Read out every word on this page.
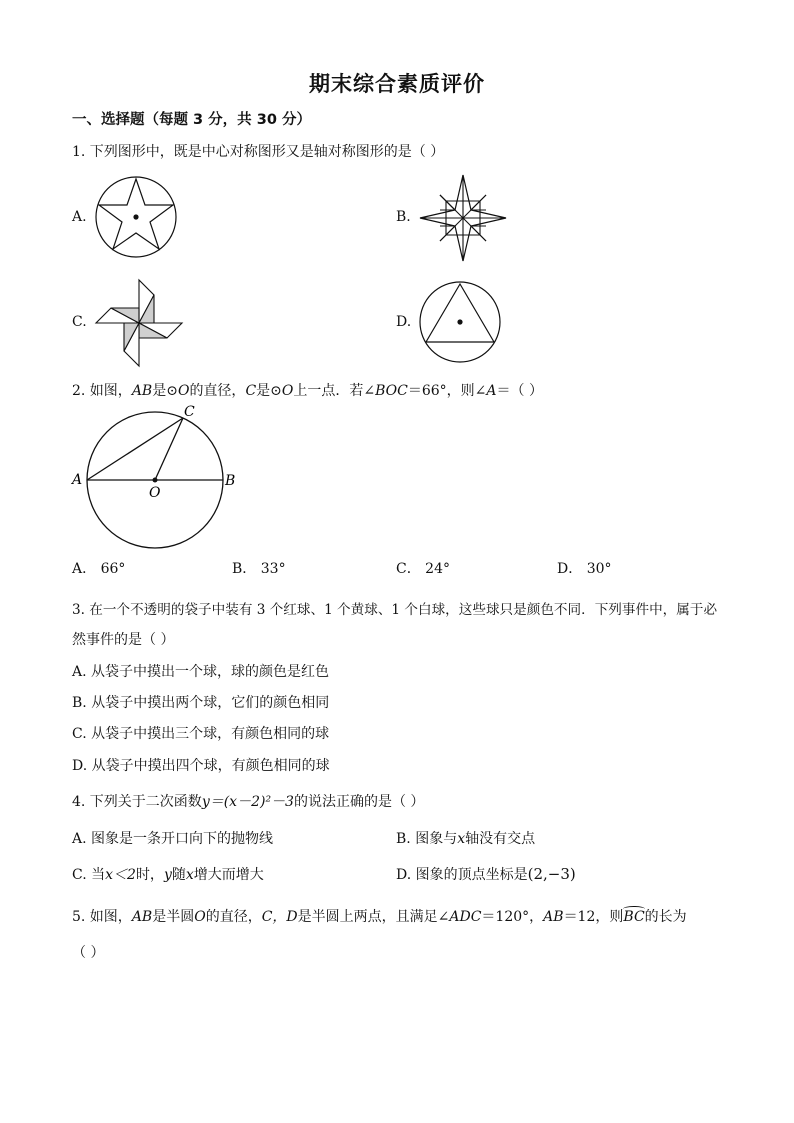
期末综合素质评价
一、选择题（每题 3 分，共 30 分）
1. 下列图形中，既是中心对称图形又是轴对称图形的是（ ）
A.	B.
C.	D.
2. 如图，AB是⊙O的直径，C是⊙O上一点．若∠BOC＝66°，则∠A＝（ ）
A	B
C
O
A． 66°	B． 33°	C． 24°	D． 30°
3. 在一个不透明的袋子中装有 3 个红球、1 个黄球、1 个白球，这些球只是颜色不同．下列事件中，属于必
然事件的是（ ）
A. 从袋子中摸出一个球，球的颜色是红色
B. 从袋子中摸出两个球，它们的颜色相同
C. 从袋子中摸出三个球，有颜色相同的球
D. 从袋子中摸出四个球，有颜色相同的球
4. 下列关于二次函数y＝(x－2)²－3的说法正确的是（ ）
A. 图象是一条开口向下的抛物线	B. 图象与x轴没有交点
C. 当x＜2时，y随x增大而增大	D. 图象的顶点坐标是(2,−3)
5. 如图，AB是半圆O的直径，C，D是半圆上两点，且满足∠ADC＝120°，AB＝12，则BC
的长为
（ ）
